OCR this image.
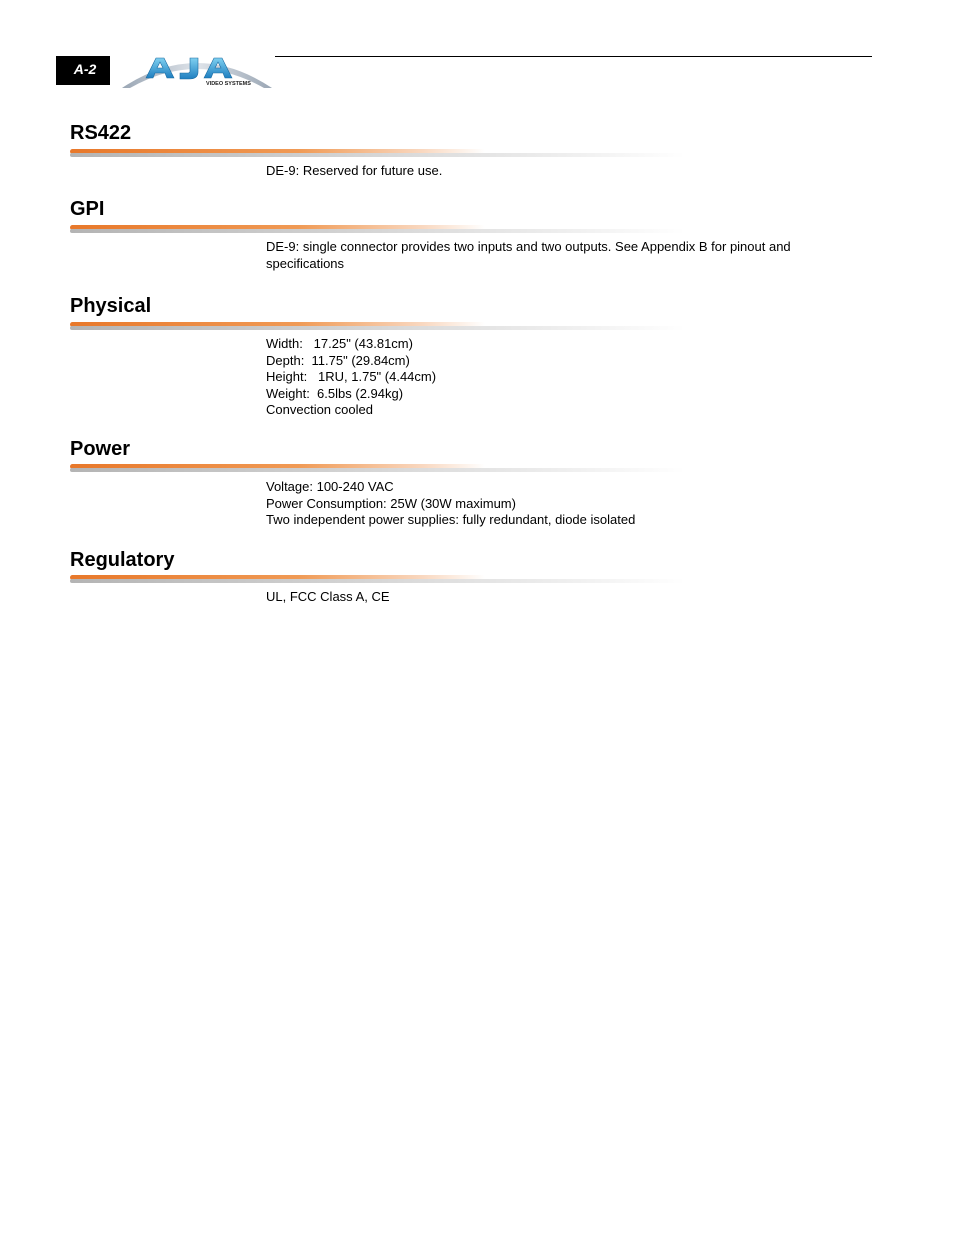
A-2
VIDEO SYSTEMS
RS422
DE-9: Reserved for future use.
GPI
DE-9: single connector provides two inputs and two outputs. See Appendix B for pinout and
specifications
Physical
Width:   17.25" (43.81cm)
Depth:  11.75" (29.84cm)
Height:   1RU, 1.75" (4.44cm)
Weight:  6.5lbs (2.94kg)
Convection cooled
Power
Voltage: 100-240 VAC
Power Consumption: 25W (30W maximum)
Two independent power supplies: fully redundant, diode isolated
Regulatory
UL, FCC Class A, CE
